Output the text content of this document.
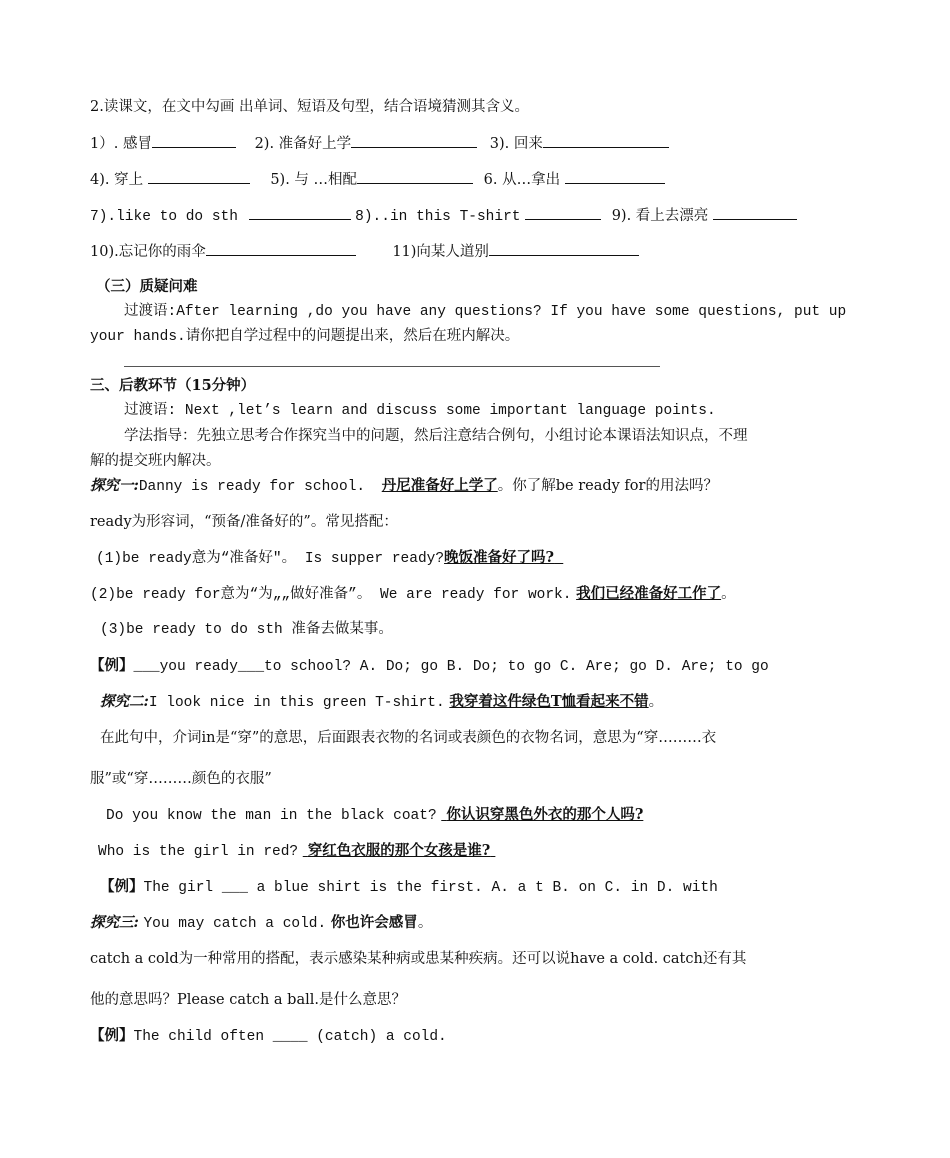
2.读课文，在文中勾画 出单词、短语及句型，结合语境猜测其含义。
1）. 感冒	2). 准备好上学	3). 回来
4). 穿上	5). 与 …相配	6. 从…拿出
7).like to do sth	8)..in this T-shirt	9). 看上去漂亮
10).忘记你的雨伞	11)向某人道别
（三）质疑问难
过渡语:After learning ,do you have any questions? If you have some questions, put up
your hands.请你把自学过程中的问题提出来，然后在班内解决。
三、后教环节（15分钟）
过渡语: Next ,let’s learn and discuss some important language points.
学法指导：先独立思考合作探究当中的问题，然后注意结合例句，小组讨论本课语法知识点，不理
解的提交班内解决。
探究一:Danny is ready for school. 丹尼准备好上学了。你了解be ready for的用法吗？
ready为形容词，“预备/准备好的”。常见搭配：
(1)be ready意为“准备好″。 Is supper ready?晚饭准备好了吗?
(2)be ready for意为“为„„做好准备”。 We are ready for work. 我们已经准备好工作了。
(3)be ready to do sth 准备去做某事。
【例】___you ready___to school? A. Do; go B. Do; to go C. Are; go D. Are; to go
探究二:I look nice in this green T-shirt. 我穿着这件绿色T恤看起来不错。
在此句中，介词in是“穿”的意思，后面跟表衣物的名词或表颜色的衣物名词，意思为“穿………衣
服”或“穿………颜色的衣服”
Do you know the man in the black coat? 你认识穿黑色外衣的那个人吗?
Who is the girl in red? 穿红色衣服的那个女孩是谁?
【例】The girl ___ a blue shirt is the first. A. a t B. on C. in D. with
探究三: You may catch a cold. 你也许会感冒。
catch a cold为一种常用的搭配，表示感染某种病或患某种疾病。还可以说have a cold. catch还有其
他的意思吗？Please catch a ball.是什么意思？
【例】The child often ____ (catch) a cold.
